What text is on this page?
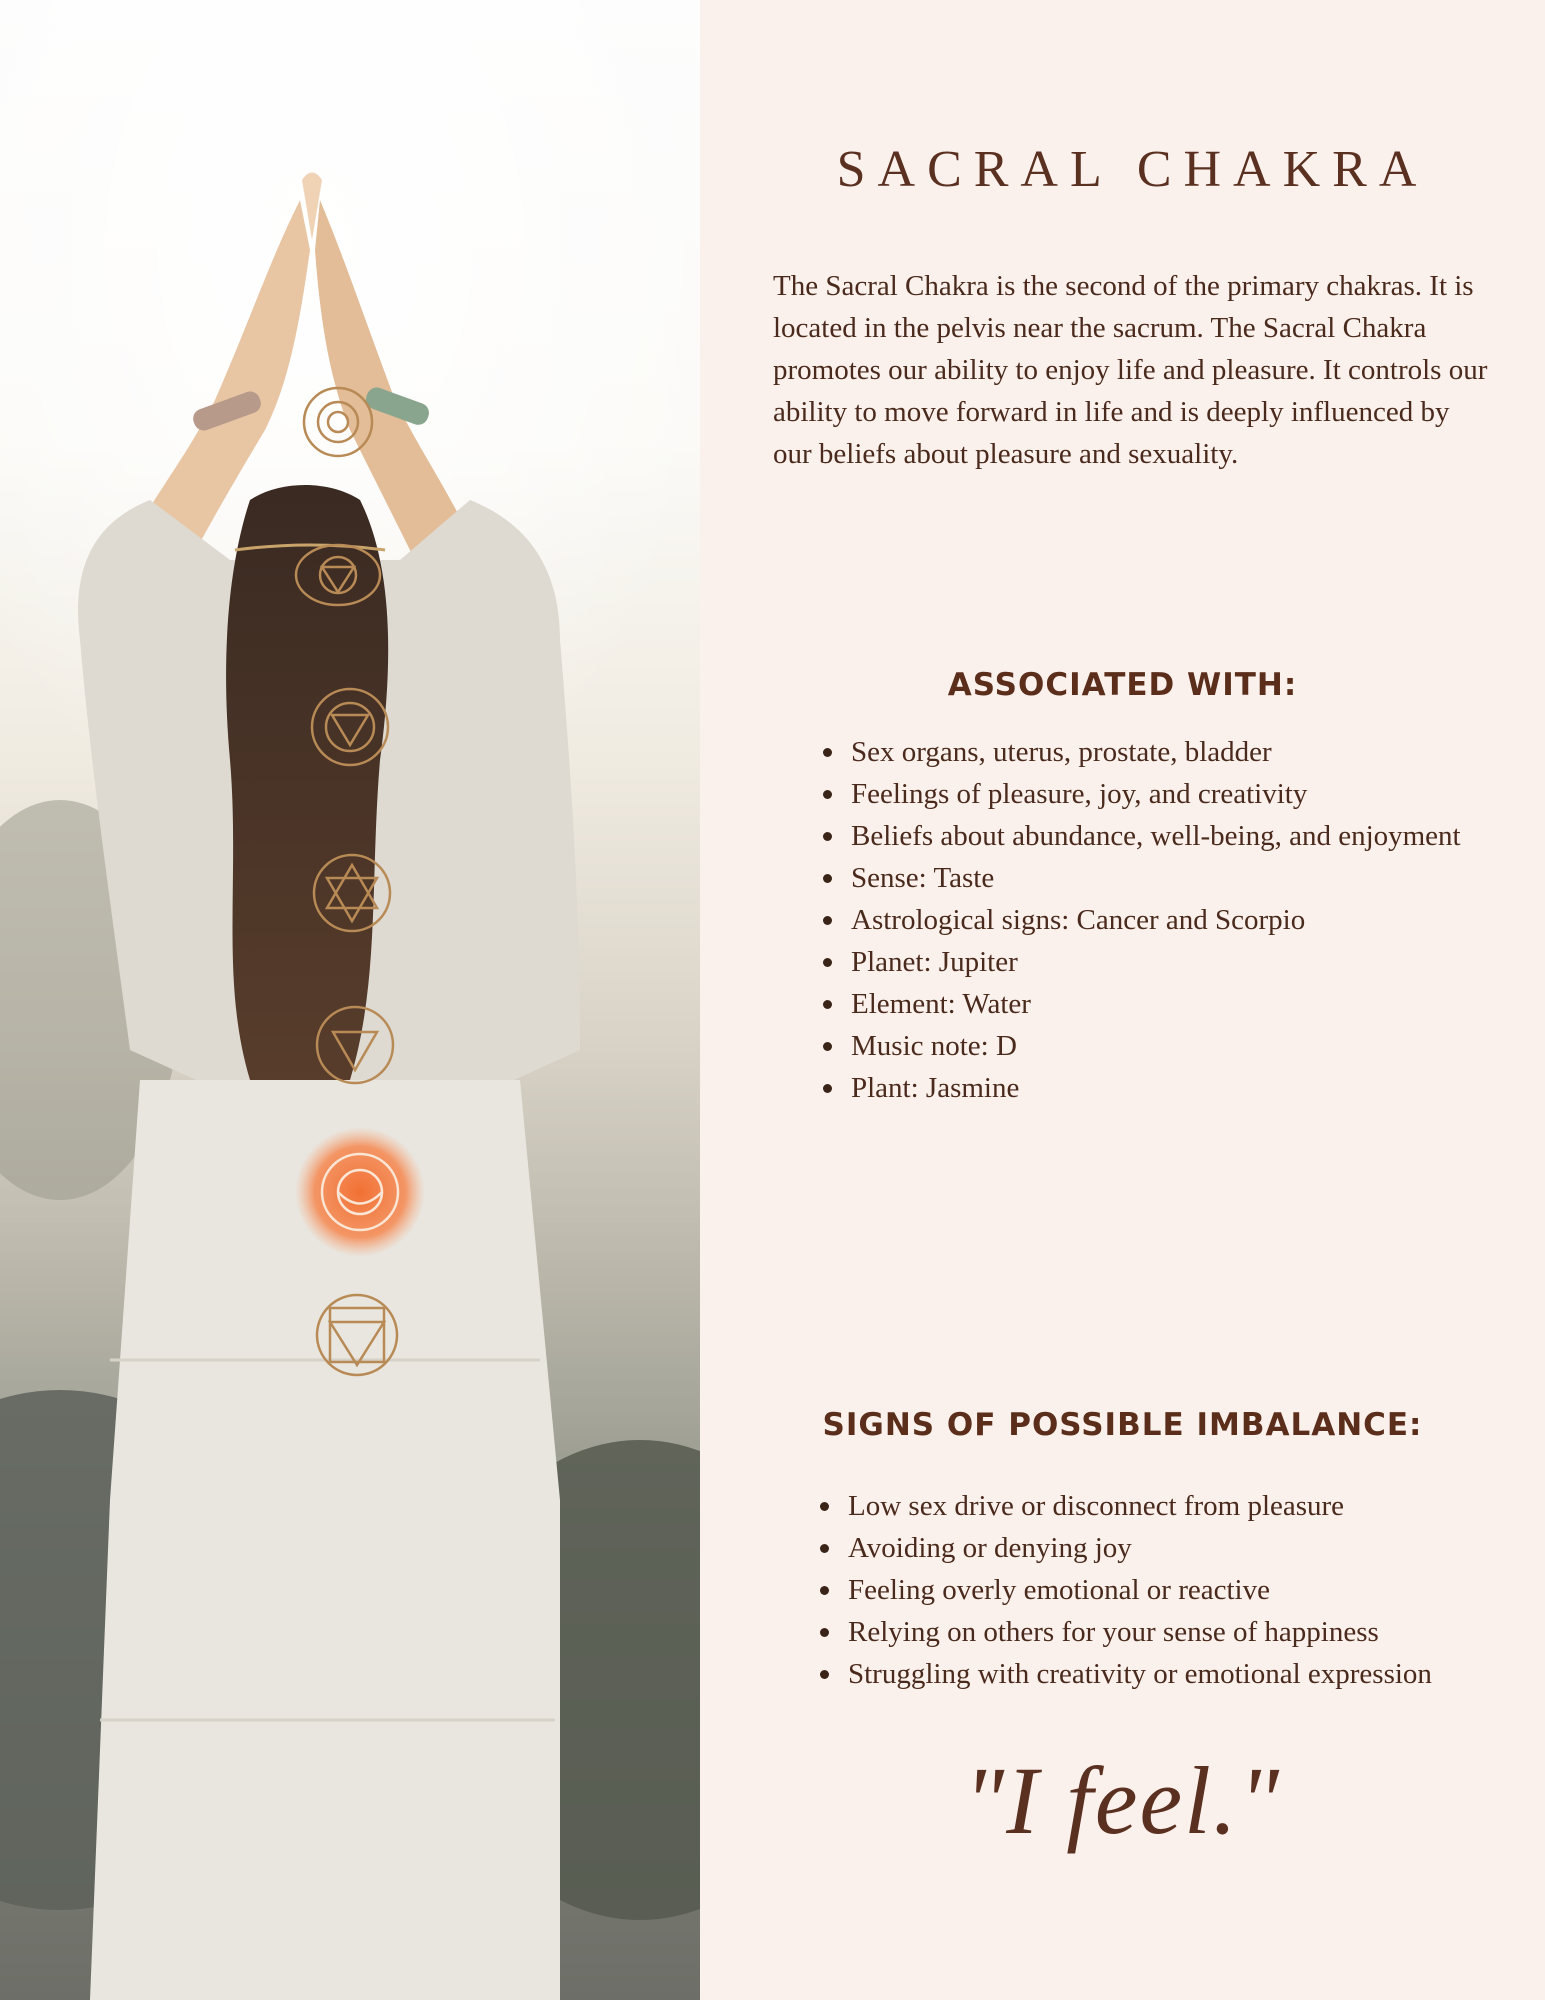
SACRAL CHAKRA

The Sacral Chakra is the second of the primary chakras. It is located in the pelvis near the sacrum. The Sacral Chakra promotes our ability to enjoy life and pleasure. It controls our ability to move forward in life and is deeply influenced by our beliefs about pleasure and sexuality.

ASSOCIATED WITH:
Sex organs, uterus, prostate, bladder
Feelings of pleasure, joy, and creativity
Beliefs about abundance, well-being, and enjoyment
Sense: Taste
Astrological signs: Cancer and Scorpio
Planet: Jupiter
Element: Water
Music note: D
Plant: Jasmine
SIGNS OF POSSIBLE IMBALANCE:
Low sex drive or disconnect from pleasure
Avoiding or denying joy
Feeling overly emotional or reactive
Relying on others for your sense of happiness
Struggling with creativity or emotional expression
"I feel."
